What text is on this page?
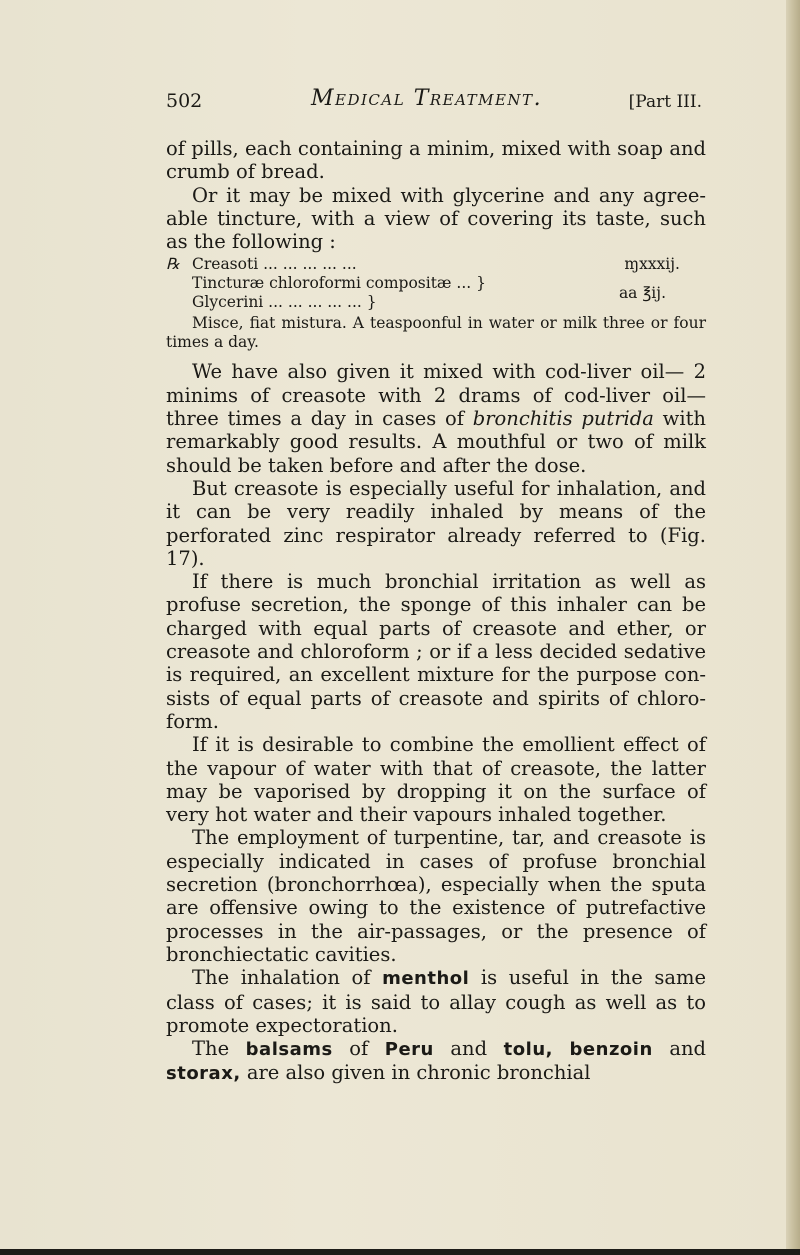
502	Medical Treatment.	[Part III.

of pills, each containing a minim, mixed with soap and crumb of bread.

Or it may be mixed with glycerine and any agreeable tincture, with a view of covering its taste, such as the following :

℞ Creasoti ... ... ... ... ...	ɱxxxij.
Tincturæ chloroformi compositæ ... }
aa ℥ij.
Glycerini ... ... ... ... ... }
Misce, fiat mistura. A teaspoonful in water or milk three or four times a day.

We have also given it mixed with cod-liver oil— 2 minims of creasote with 2 drams of cod-liver oil— three times a day in cases of bronchitis putrida with remarkably good results. A mouthful or two of milk should be taken before and after the dose.

But creasote is especially useful for inhalation, and it can be very readily inhaled by means of the perforated zinc respirator already referred to (Fig. 17).

If there is much bronchial irritation as well as profuse secretion, the sponge of this inhaler can be charged with equal parts of creasote and ether, or creasote and chloroform ; or if a less decided sedative is required, an excellent mixture for the purpose consists of equal parts of creasote and spirits of chloroform.

If it is desirable to combine the emollient effect of the vapour of water with that of creasote, the latter may be vaporised by dropping it on the surface of very hot water and their vapours inhaled together.

The employment of turpentine, tar, and creasote is especially indicated in cases of profuse bronchial secretion (bronchorrhœa), especially when the sputa are offensive owing to the existence of putrefactive processes in the air-passages, or the presence of bronchiectatic cavities.

The inhalation of menthol is useful in the same class of cases; it is said to allay cough as well as to promote expectoration.

The balsams of Peru and tolu, benzoin and storax, are also given in chronic bronchial
